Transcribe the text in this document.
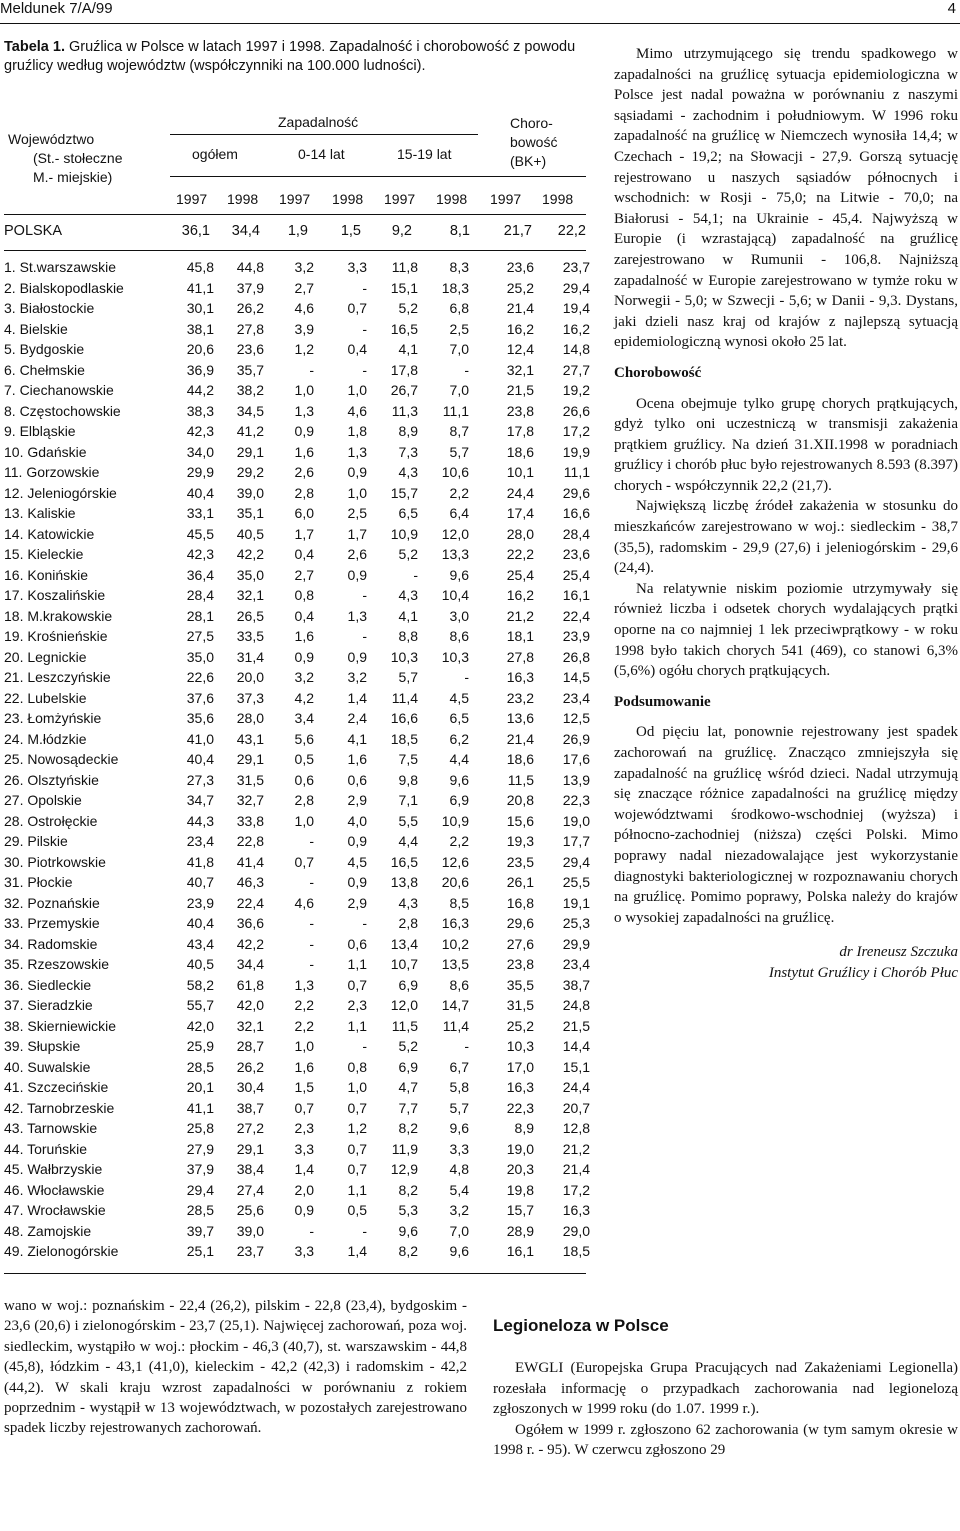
Meldunek 7/A/99	4
Tabela 1. Gruźlica w Polsce w latach 1997 i 1998. Zapadalność i chorobowość z powodu gruźlicy według województw (współczynniki na 100.000 ludności).
Województwo
(St.- stołeczne
M.- miejskie)
Zapadalność
ogółem	0-14 lat	15-19 lat
Choro-
bowość
(BK+)
1997 1998 1997 1998 1997 1998 1997 1998
POLSKA	36,1	34,4	1,9	1,5	9,2	8,1	21,7	22,2
1. St.warszawskie	45,8	44,8	3,2	3,3	11,8	8,3	23,6	23,7
2. Bialskopodlaskie	41,1	37,9	2,7	-	15,1	18,3	25,2	29,4
3. Białostockie	30,1	26,2	4,6	0,7	5,2	6,8	21,4	19,4
4. Bielskie	38,1	27,8	3,9	-	16,5	2,5	16,2	16,2
5. Bydgoskie	20,6	23,6	1,2	0,4	4,1	7,0	12,4	14,8
6. Chełmskie	36,9	35,7	-	-	17,8	-	32,1	27,7
7. Ciechanowskie	44,2	38,2	1,0	1,0	26,7	7,0	21,5	19,2
8. Częstochowskie	38,3	34,5	1,3	4,6	11,3	11,1	23,8	26,6
9. Elbląskie	42,3	41,2	0,9	1,8	8,9	8,7	17,8	17,2
10. Gdańskie	34,0	29,1	1,6	1,3	7,3	5,7	18,6	19,9
11. Gorzowskie	29,9	29,2	2,6	0,9	4,3	10,6	10,1	11,1
12. Jeleniogórskie	40,4	39,0	2,8	1,0	15,7	2,2	24,4	29,6
13. Kaliskie	33,1	35,1	6,0	2,5	6,5	6,4	17,4	16,6
14. Katowickie	45,5	40,5	1,7	1,7	10,9	12,0	28,0	28,4
15. Kieleckie	42,3	42,2	0,4	2,6	5,2	13,3	22,2	23,6
16. Konińskie	36,4	35,0	2,7	0,9	-	9,6	25,4	25,4
17. Koszalińskie	28,4	32,1	0,8	-	4,3	10,4	16,2	16,1
18. M.krakowskie	28,1	26,5	0,4	1,3	4,1	3,0	21,2	22,4
19. Krośnieńskie	27,5	33,5	1,6	-	8,8	8,6	18,1	23,9
20. Legnickie	35,0	31,4	0,9	0,9	10,3	10,3	27,8	26,8
21. Leszczyńskie	22,6	20,0	3,2	3,2	5,7	-	16,3	14,5
22. Lubelskie	37,6	37,3	4,2	1,4	11,4	4,5	23,2	23,4
23. Łomżyńskie	35,6	28,0	3,4	2,4	16,6	6,5	13,6	12,5
24. M.łódzkie	41,0	43,1	5,6	4,1	18,5	6,2	21,4	26,9
25. Nowosądeckie	40,4	29,1	0,5	1,6	7,5	4,4	18,6	17,6
26. Olsztyńskie	27,3	31,5	0,6	0,6	9,8	9,6	11,5	13,9
27. Opolskie	34,7	32,7	2,8	2,9	7,1	6,9	20,8	22,3
28. Ostrołęckie	44,3	33,8	1,0	4,0	5,5	10,9	15,6	19,0
29. Pilskie	23,4	22,8	-	0,9	4,4	2,2	19,3	17,7
30. Piotrkowskie	41,8	41,4	0,7	4,5	16,5	12,6	23,5	29,4
31. Płockie	40,7	46,3	-	0,9	13,8	20,6	26,1	25,5
32. Poznańskie	23,9	22,4	4,6	2,9	4,3	8,5	16,8	19,1
33. Przemyskie	40,4	36,6	-	-	2,8	16,3	29,6	25,3
34. Radomskie	43,4	42,2	-	0,6	13,4	10,2	27,6	29,9
35. Rzeszowskie	40,5	34,4	-	1,1	10,7	13,5	23,8	23,4
36. Siedleckie	58,2	61,8	1,3	0,7	6,9	8,6	35,5	38,7
37. Sieradzkie	55,7	42,0	2,2	2,3	12,0	14,7	31,5	24,8
38. Skierniewickie	42,0	32,1	2,2	1,1	11,5	11,4	25,2	21,5
39. Słupskie	25,9	28,7	1,0	-	5,2	-	10,3	14,4
40. Suwalskie	28,5	26,2	1,6	0,8	6,9	6,7	17,0	15,1
41. Szczecińskie	20,1	30,4	1,5	1,0	4,7	5,8	16,3	24,4
42. Tarnobrzeskie	41,1	38,7	0,7	0,7	7,7	5,7	22,3	20,7
43. Tarnowskie	25,8	27,2	2,3	1,2	8,2	9,6	8,9	12,8
44. Toruńskie	27,9	29,1	3,3	0,7	11,9	3,3	19,0	21,2
45. Wałbrzyskie	37,9	38,4	1,4	0,7	12,9	4,8	20,3	21,4
46. Włocławskie	29,4	27,4	2,0	1,1	8,2	5,4	19,8	17,2
47. Wrocławskie	28,5	25,6	0,9	0,5	5,3	3,2	15,7	16,3
48. Zamojskie	39,7	39,0	-	-	9,6	7,0	28,9	29,0
49. Zielonogórskie	25,1	23,7	3,3	1,4	8,2	9,6	16,1	18,5

Mimo utrzymującego się trendu spadkowego w zapadalności na gruźlicę sytuacja epidemiologiczna w Polsce jest nadal poważna w porównaniu z naszymi sąsiadami - zachodnim i południowym. W 1996 roku zapadalność na gruźlicę w Niemczech wynosiła 14,4; w Czechach - 19,2; na Słowacji - 27,9. Gorszą sytuację rejestrowano u naszych sąsiadów północnych i wschodnich: w Rosji - 75,0; na Litwie - 70,0; na Białorusi - 54,1; na Ukrainie - 45,4. Najwyższą w Europie (i wzrastającą) zapadalność na gruźlicę zarejestrowano w Rumunii - 106,8. Najniższą zapadalność w Europie zarejestrowano w tymże roku w Norwegii - 5,0; w Szwecji - 5,6; w Danii - 9,3. Dystans, jaki dzieli nasz kraj od krajów z najlepszą sytuacją epidemiologiczną wynosi około 25 lat.

Chorobowość

Ocena obejmuje tylko grupę chorych prątkujących, gdyż tylko oni uczestniczą w transmisji zakażenia prątkiem gruźlicy. Na dzień 31.XII.1998 w poradniach gruźlicy i chorób płuc było rejestrowanych 8.593 (8.397) chorych - współczynnik 22,2 (21,7).

Największą liczbę źródeł zakażenia w stosunku do mieszkańców zarejestrowano w woj.: siedleckim - 38,7 (35,5), radomskim - 29,9 (27,6) i jeleniogórskim - 29,6 (24,4).

Na relatywnie niskim poziomie utrzymywały się również liczba i odsetek chorych wydalających prątki oporne na co najmniej 1 lek przeciwprątkowy - w roku 1998 było takich chorych 541 (469), co stanowi 6,3% (5,6%) ogółu chorych prątkujących.

Podsumowanie

Od pięciu lat, ponownie rejestrowany jest spadek zachorowań na gruźlicę. Znacząco zmniejszyła się zapadalność na gruźlicę wśród dzieci. Nadal utrzymują się znaczące różnice zapadalności na gruźlicę między województwami środkowo-wschodniej (wyższa) i północno-zachodniej (niższa) części Polski. Mimo poprawy nadal niezadowalające jest wykorzystanie diagnostyki bakteriologicznej w rozpoznawaniu chorych na gruźlicę. Pomimo poprawy, Polska należy do krajów o wysokiej zapadalności na gruźlicę.

dr Ireneusz Szczuka

Instytut Gruźlicy i Chorób Płuc

wano w woj.: poznańskim - 22,4 (26,2), pilskim - 22,8 (23,4), bydgoskim - 23,6 (20,6) i zielonogórskim - 23,7 (25,1). Najwięcej zachorowań, poza woj. siedleckim, wystąpiło w woj.: płockim - 46,3 (40,7), st. warszawskim - 44,8 (45,8), łódzkim - 43,1 (41,0), kieleckim - 42,2 (42,3) i radomskim - 42,2 (44,2). W skali kraju wzrost zapadalności w porównaniu z rokiem poprzednim - wystąpił w 13 województwach, w pozostałych zarejestrowano spadek liczby rejestrowanych zachorowań.

Legioneloza w Polsce

EWGLI (Europejska Grupa Pracujących nad Zakażeniami Legionella) rozesłała informację o przypadkach zachorowania nad legionelozą zgłoszonych w 1999 roku (do 1.07. 1999 r.).

Ogółem w 1999 r. zgłoszono 62 zachorowania (w tym samym okresie w 1998 r. - 95). W czerwcu zgłoszono 29
